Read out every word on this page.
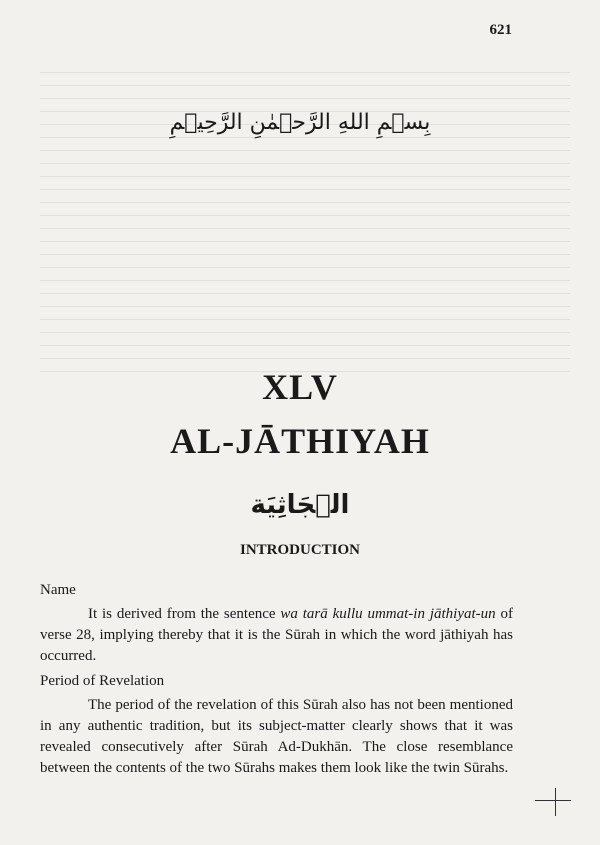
621
بِسۡمِ اللهِ الرَّحۡمٰنِ الرَّحِيۡمِ
XLV
AL-JĀTHIYAH
الۡجَاثِيَة
INTRODUCTION
Name

It is derived from the sentence wa tarā kullu ummat-in jāthiyat-un of verse 28, implying thereby that it is the Sūrah in which the word jāthiyah has occurred.

Period of Revelation

The period of the revelation of this Sūrah also has not been mentioned in any authentic tradition, but its subject-matter clearly shows that it was revealed consecutively after Sūrah Ad-Dukhān. The close resemblance between the contents of the two Sūrahs makes them look like the twin Sūrahs.
